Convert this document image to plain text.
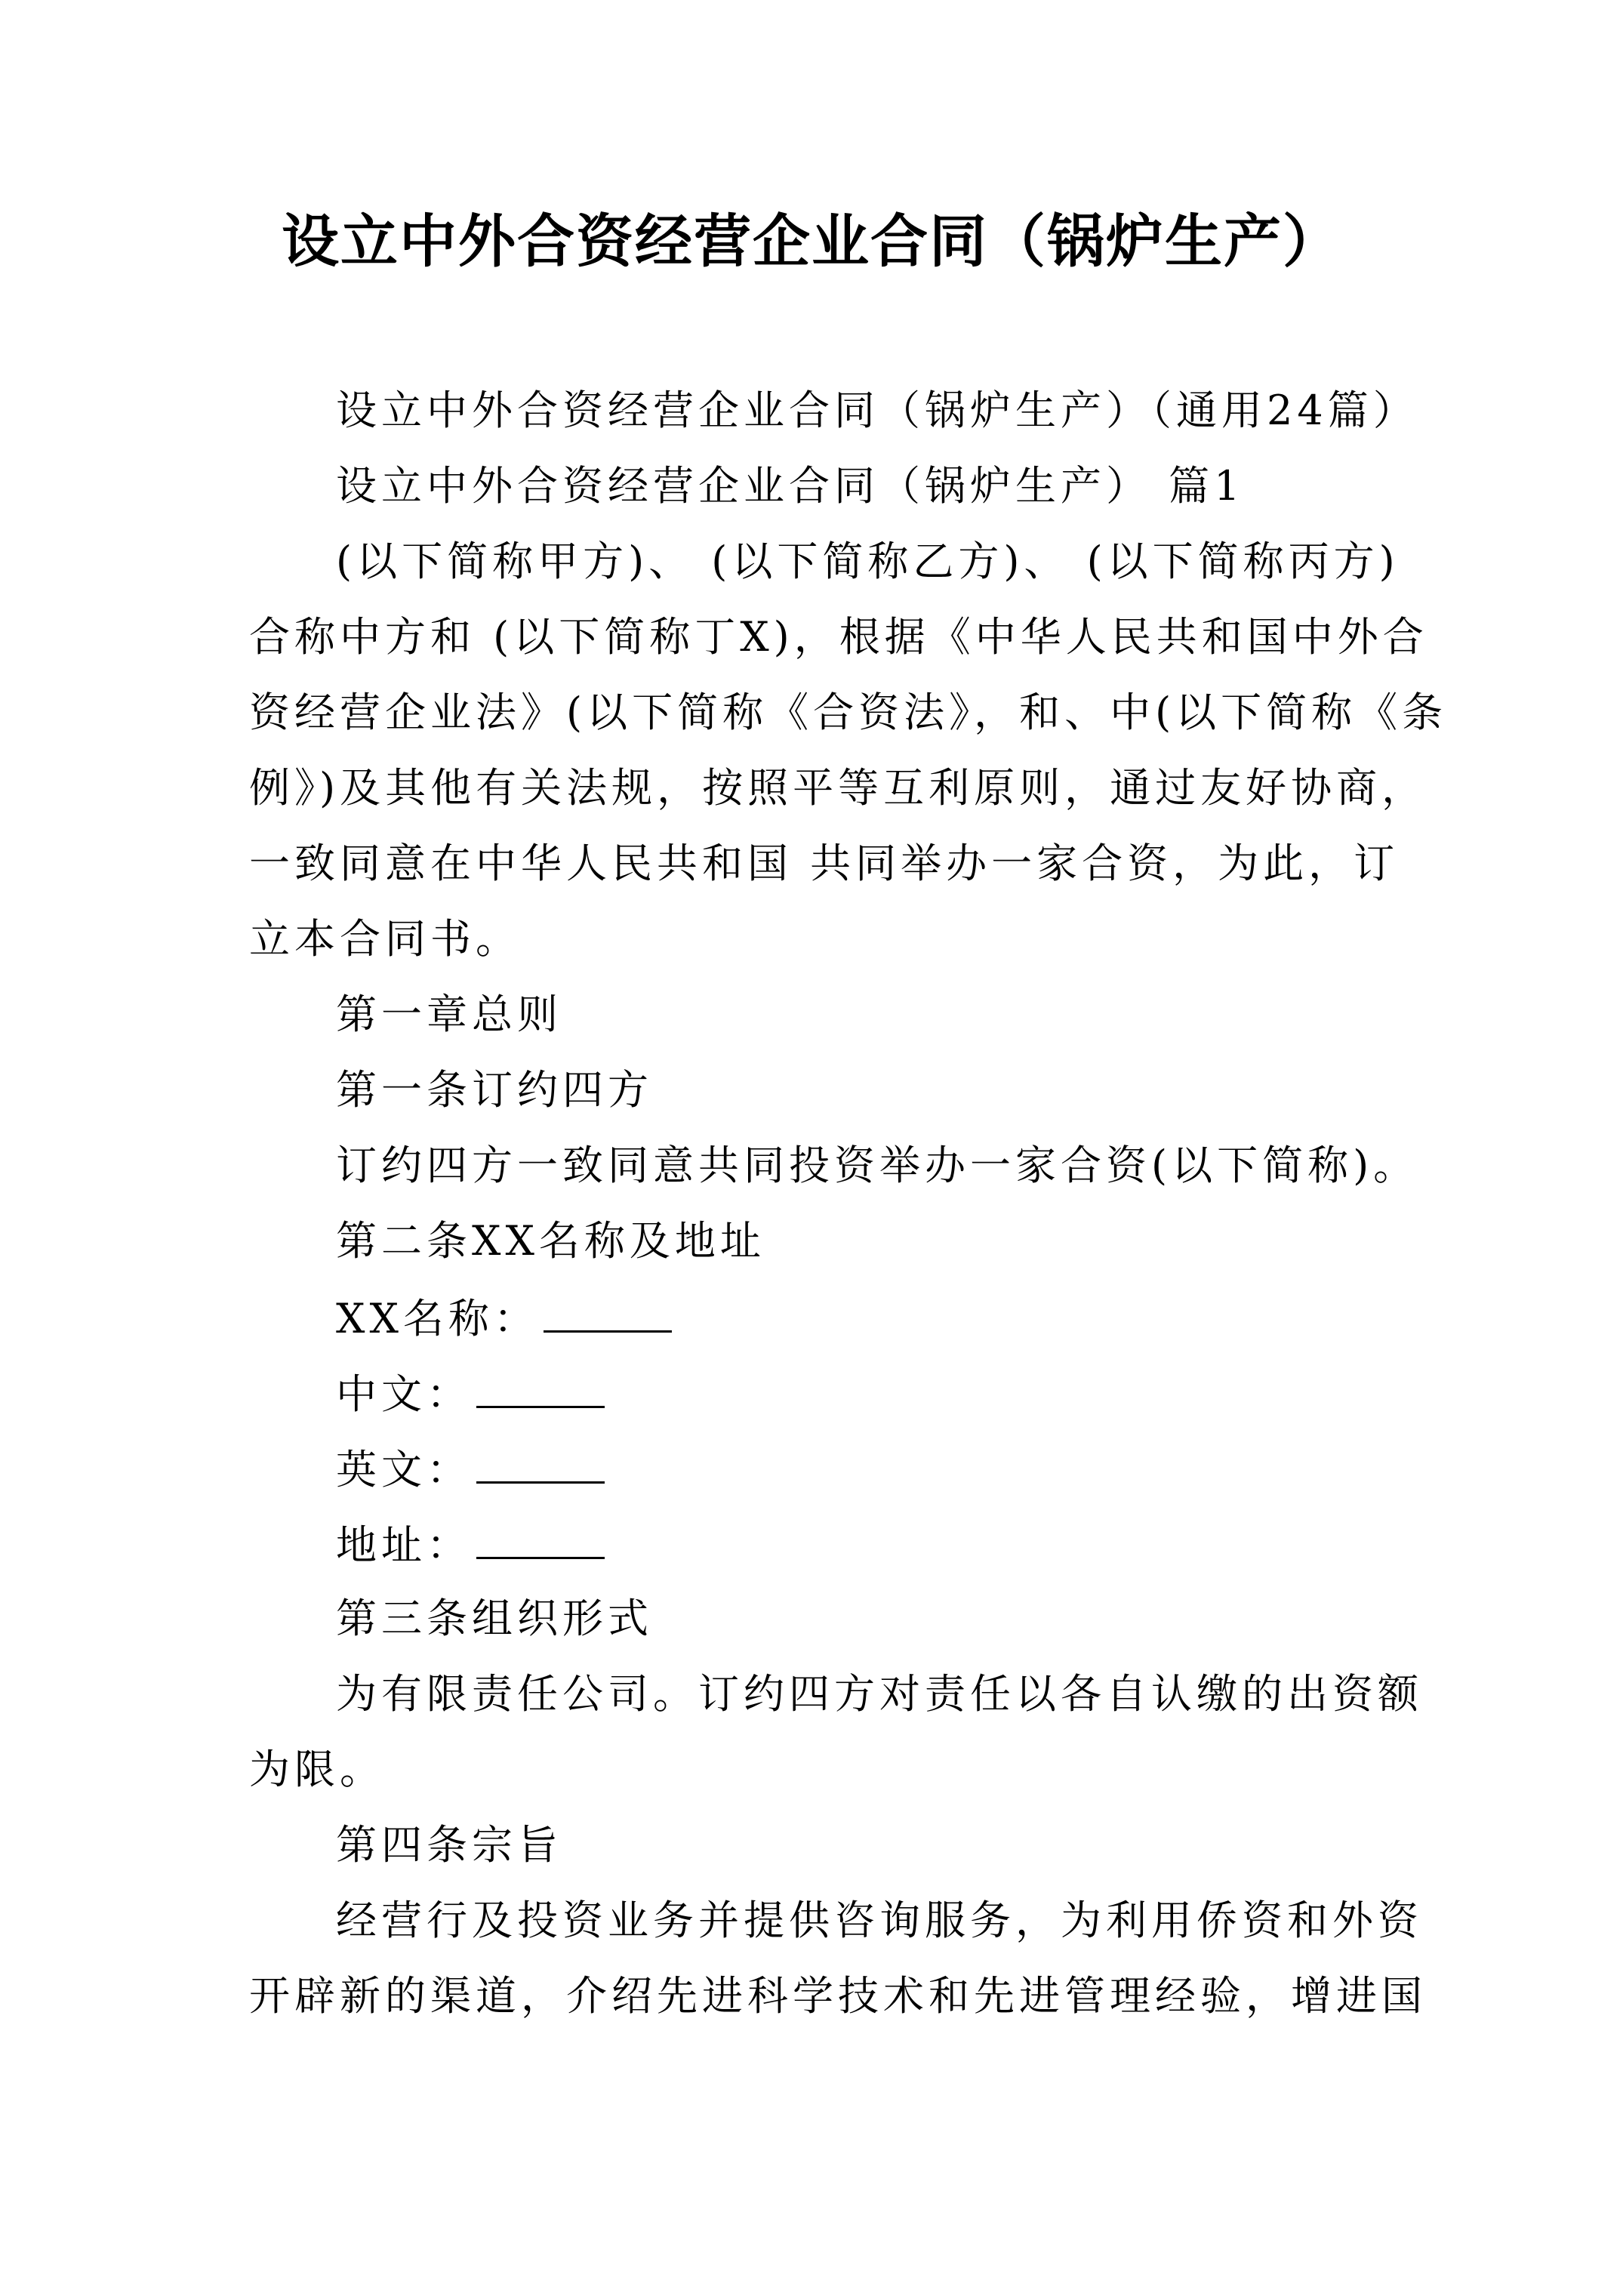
设立中外合资经营企业合同（锅炉生产）
设立中外合资经营企业合同（锅炉生产）（通用24篇）
设立中外合资经营企业合同（锅炉生产） 篇1
(以下简称甲方)、 (以下简称乙方)、 (以下简称丙方)
合称中方和 (以下简称丁X)，根据《中华人民共和国中外合
资经营企业法》(以下简称《合资法》，和、中(以下简称《条
例》)及其他有关法规，按照平等互利原则，通过友好协商，
一致同意在中华人民共和国 共同举办一家合资，为此，订
立本合同书。
第一章总则
第一条订约四方
订约四方一致同意共同投资举办一家合资(以下简称)。
第二条XX名称及地址
XX名称：
中文：
英文：
地址：
第三条组织形式
为有限责任公司。订约四方对责任以各自认缴的出资额
为限。
第四条宗旨
经营行及投资业务并提供咨询服务，为利用侨资和外资
开辟新的渠道，介绍先进科学技术和先进管理经验，增进国
